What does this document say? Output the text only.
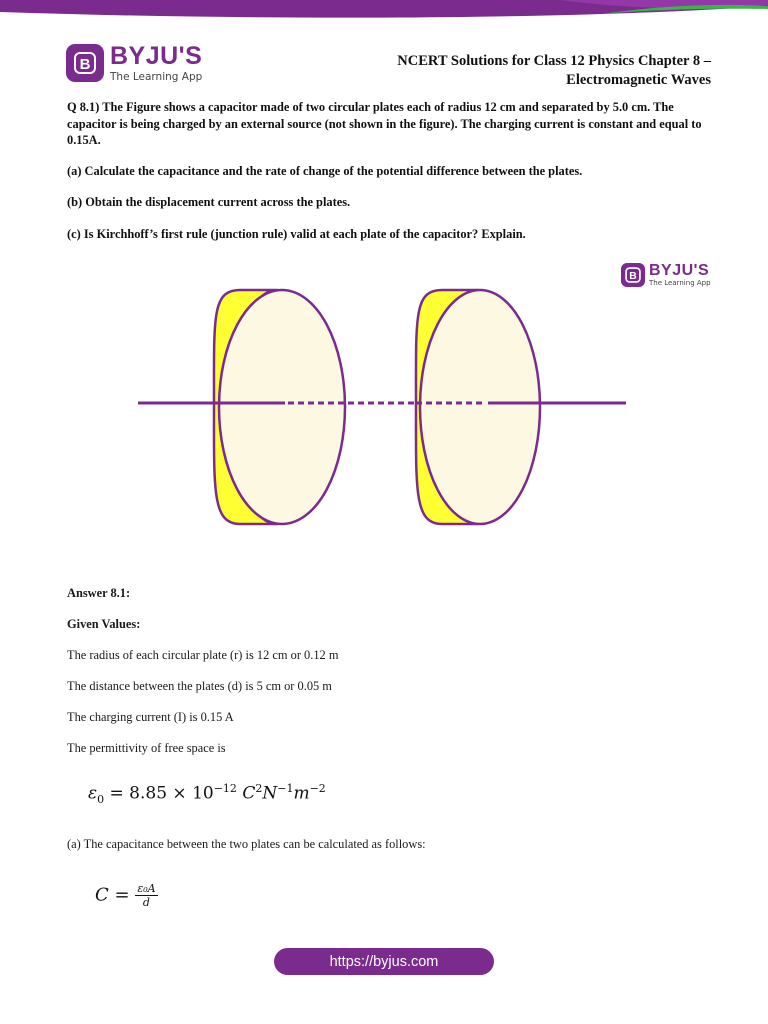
B BYJU'S
The Learning App
NCERT Solutions for Class 12 Physics Chapter 8 –
Electromagnetic Waves
Q 8.1) The Figure shows a capacitor made of two circular plates each of radius 12 cm and separated by 5.0 cm. The capacitor is being charged by an external source (not shown in the figure). The charging current is constant and equal to 0.15A.
(a) Calculate the capacitance and the rate of change of the potential difference between the plates.
(b) Obtain the displacement current across the plates.
(c) Is Kirchhoff’s first rule (junction rule) valid at each plate of the capacitor? Explain.
B BYJU'S
The Learning App
Answer 8.1:
Given Values:
The radius of each circular plate (r) is 12 cm or 0.12 m
The distance between the plates (d) is 5 cm or 0.05 m
The charging current (I) is 0.15 A
The permittivity of free space is
$\varepsilon_0 = 8.85 \times 10^{-12}$ $C^2N^{-1}m^{-2}$
(a) The capacitance between the two plates can be calculated as follows:
$C = \frac{\text{ε₀A}}{d}$
https://byjus.com
